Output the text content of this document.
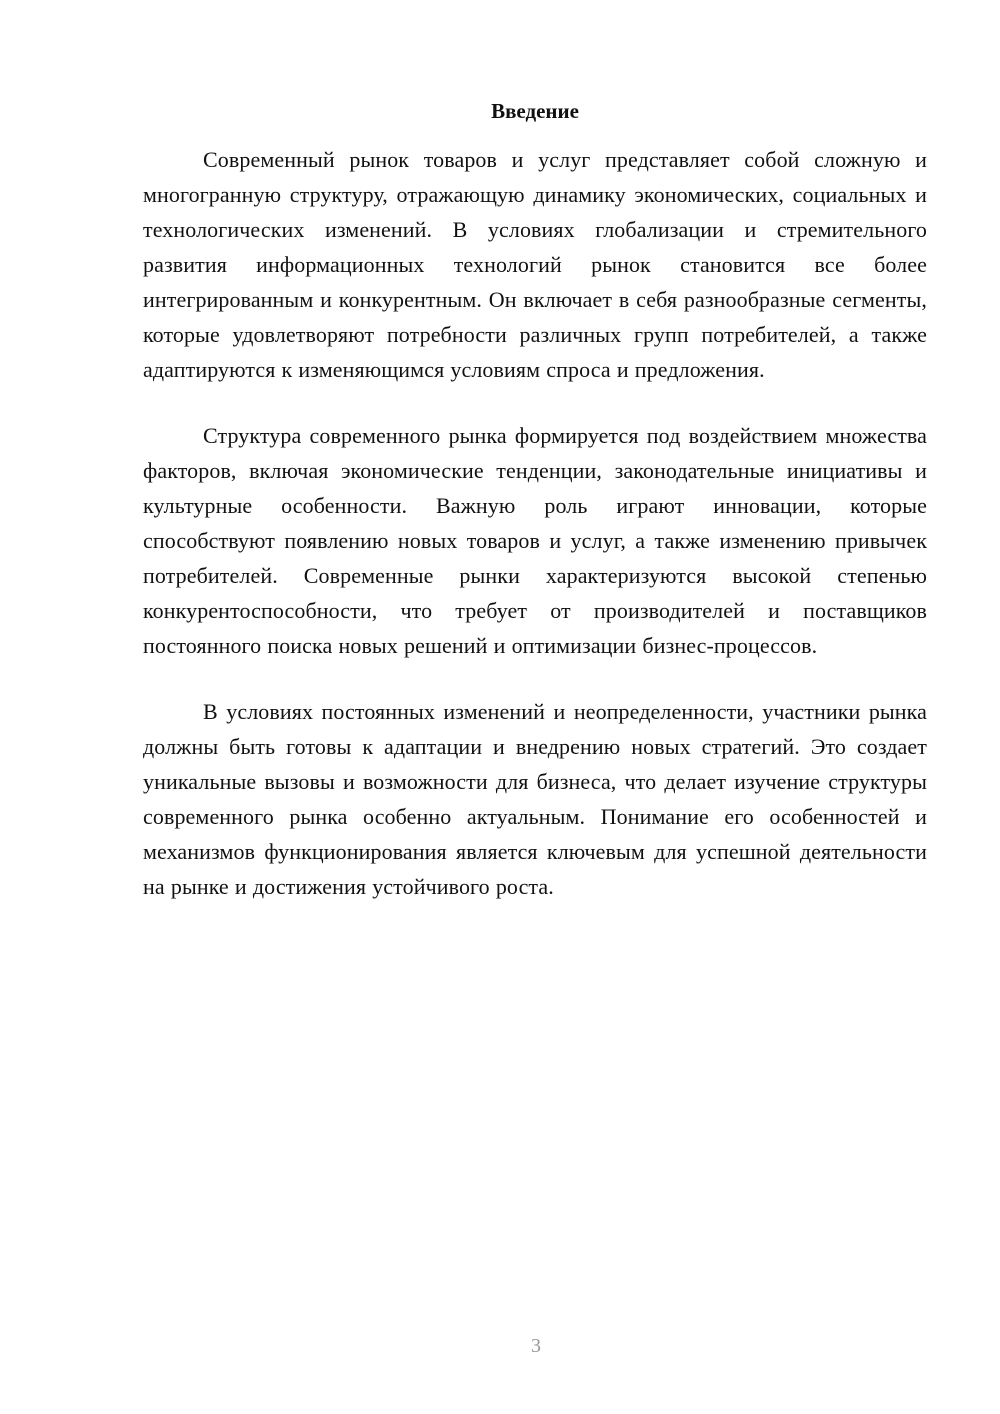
Введение

Современный рынок товаров и услуг представляет собой сложную и многогранную структуру, отражающую динамику экономических, социальных и технологических изменений. В условиях глобализации и стремительного развития информационных технологий рынок становится все более интегрированным и конкурентным. Он включает в себя разнообразные сегменты, которые удовлетворяют потребности различных групп потребителей, а также адаптируются к изменяющимся условиям спроса и предложения.

Структура современного рынка формируется под воздействием множества факторов, включая экономические тенденции, законодательные инициативы и культурные особенности. Важную роль играют инновации, которые способствуют появлению новых товаров и услуг, а также изменению привычек потребителей. Современные рынки характеризуются высокой степенью конкурентоспособности, что требует от производителей и поставщиков постоянного поиска новых решений и оптимизации бизнес-процессов.

В условиях постоянных изменений и неопределенности, участники рынка должны быть готовы к адаптации и внедрению новых стратегий. Это создает уникальные вызовы и возможности для бизнеса, что делает изучение структуры современного рынка особенно актуальным. Понимание его особенностей и механизмов функционирования является ключевым для успешной деятельности на рынке и достижения устойчивого роста.

3
